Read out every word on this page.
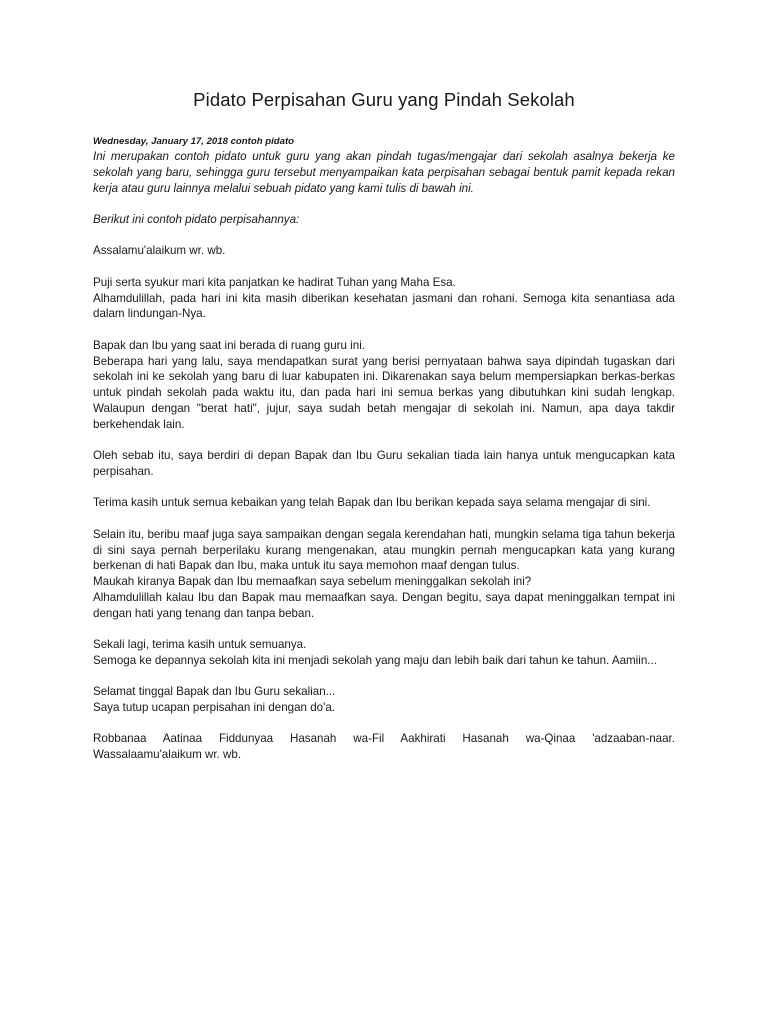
Pidato Perpisahan Guru yang Pindah Sekolah

Wednesday, January 17, 2018 contoh pidato

Ini merupakan contoh pidato untuk guru yang akan pindah tugas/mengajar dari sekolah asalnya bekerja ke sekolah yang baru, sehingga guru tersebut menyampaikan kata perpisahan sebagai bentuk pamit kepada rekan kerja atau guru lainnya melalui sebuah pidato yang kami tulis di bawah ini.

Berikut ini contoh pidato perpisahannya:

Assalamu'alaikum wr. wb.

Puji serta syukur mari kita panjatkan ke hadirat Tuhan yang Maha Esa.

Alhamdulillah, pada hari ini kita masih diberikan kesehatan jasmani dan rohani. Semoga kita senantiasa ada dalam lindungan-Nya.

Bapak dan Ibu yang saat ini berada di ruang guru ini.

Beberapa hari yang lalu, saya mendapatkan surat yang berisi pernyataan bahwa saya dipindah tugaskan dari sekolah ini ke sekolah yang baru di luar kabupaten ini. Dikarenakan saya belum mempersiapkan berkas-berkas untuk pindah sekolah pada waktu itu, dan pada hari ini semua berkas yang dibutuhkan kini sudah lengkap. Walaupun dengan "berat hati", jujur, saya sudah betah mengajar di sekolah ini. Namun, apa daya takdir berkehendak lain.

Oleh sebab itu, saya berdiri di depan Bapak dan Ibu Guru sekalian tiada lain hanya untuk mengucapkan kata perpisahan.

Terima kasih untuk semua kebaikan yang telah Bapak dan Ibu berikan kepada saya selama mengajar di sini.

Selain itu, beribu maaf juga saya sampaikan dengan segala kerendahan hati, mungkin selama tiga tahun bekerja di sini saya pernah berperilaku kurang mengenakan, atau mungkin pernah mengucapkan kata yang kurang berkenan di hati Bapak dan Ibu, maka untuk itu saya memohon maaf dengan tulus.

Maukah kiranya Bapak dan Ibu memaafkan saya sebelum meninggalkan sekolah ini?

Alhamdulillah kalau Ibu dan Bapak mau memaafkan saya. Dengan begitu, saya dapat meninggalkan tempat ini dengan hati yang tenang dan tanpa beban.

Sekali lagi, terima kasih untuk semuanya.

Semoga ke depannya sekolah kita ini menjadi sekolah yang maju dan lebih baik dari tahun ke tahun. Aamiin...

Selamat tinggal Bapak dan Ibu Guru sekalian...

Saya tutup ucapan perpisahan ini dengan do'a.

Robbanaa Aatinaa Fiddunyaa Hasanah wa-Fil Aakhirati Hasanah wa-Qinaa 'adzaaban-naar. Wassalaamu'alaikum wr. wb.
